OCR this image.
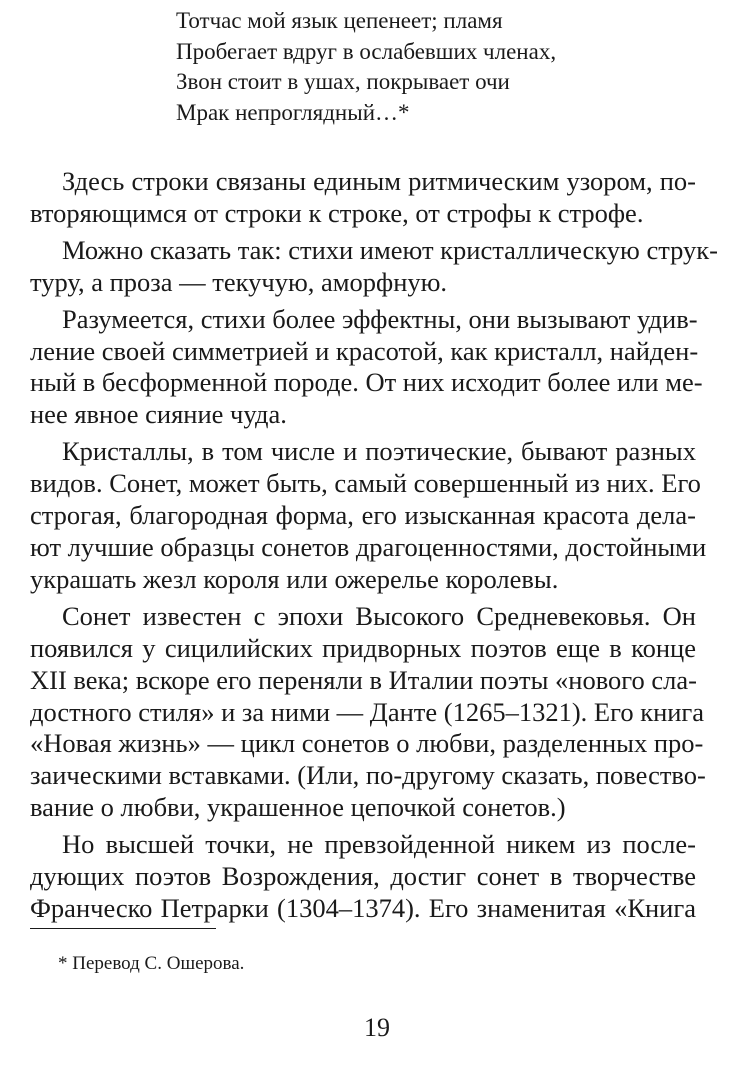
Тотчас мой язык цепенеет; пламя
Пробегает вдруг в ослабевших членах,
Звон стоит в ушах, покрывает очи
Мрак непроглядный…*
Здесь строки связаны единым ритмическим узором, по-
вторяющимся от строки к строке, от строфы к строфе.
Можно сказать так: стихи имеют кристаллическую струк-
туру, а проза — текучую, аморфную.
Разумеется, стихи более эффектны, они вызывают удив-
ление своей симметрией и красотой, как кристалл, найден-
ный в бесформенной породе. От них исходит более или ме-
нее явное сияние чуда.
Кристаллы, в том числе и поэтические, бывают разных
видов. Сонет, может быть, самый совершенный из них. Его
строгая, благородная форма, его изысканная красота дела-
ют лучшие образцы сонетов драгоценностями, достойными
украшать жезл короля или ожерелье королевы.
Сонет известен с эпохи Высокого Средневековья. Он
появился у сицилийских придворных поэтов еще в конце
XII века; вскоре его переняли в Италии поэты «нового сла-
достного стиля» и за ними — Данте (1265–1321). Его книга
«Новая жизнь» — цикл сонетов о любви, разделенных про-
заическими вставками. (Или, по-другому сказать, повество-
вание о любви, украшенное цепочкой сонетов.)
Но высшей точки, не превзойденной никем из после-
дующих поэтов Возрождения, достиг сонет в творчестве
Франческо Петрарки (1304–1374). Его знаменитая «Книга
* Перевод С. Ошерова.
19
